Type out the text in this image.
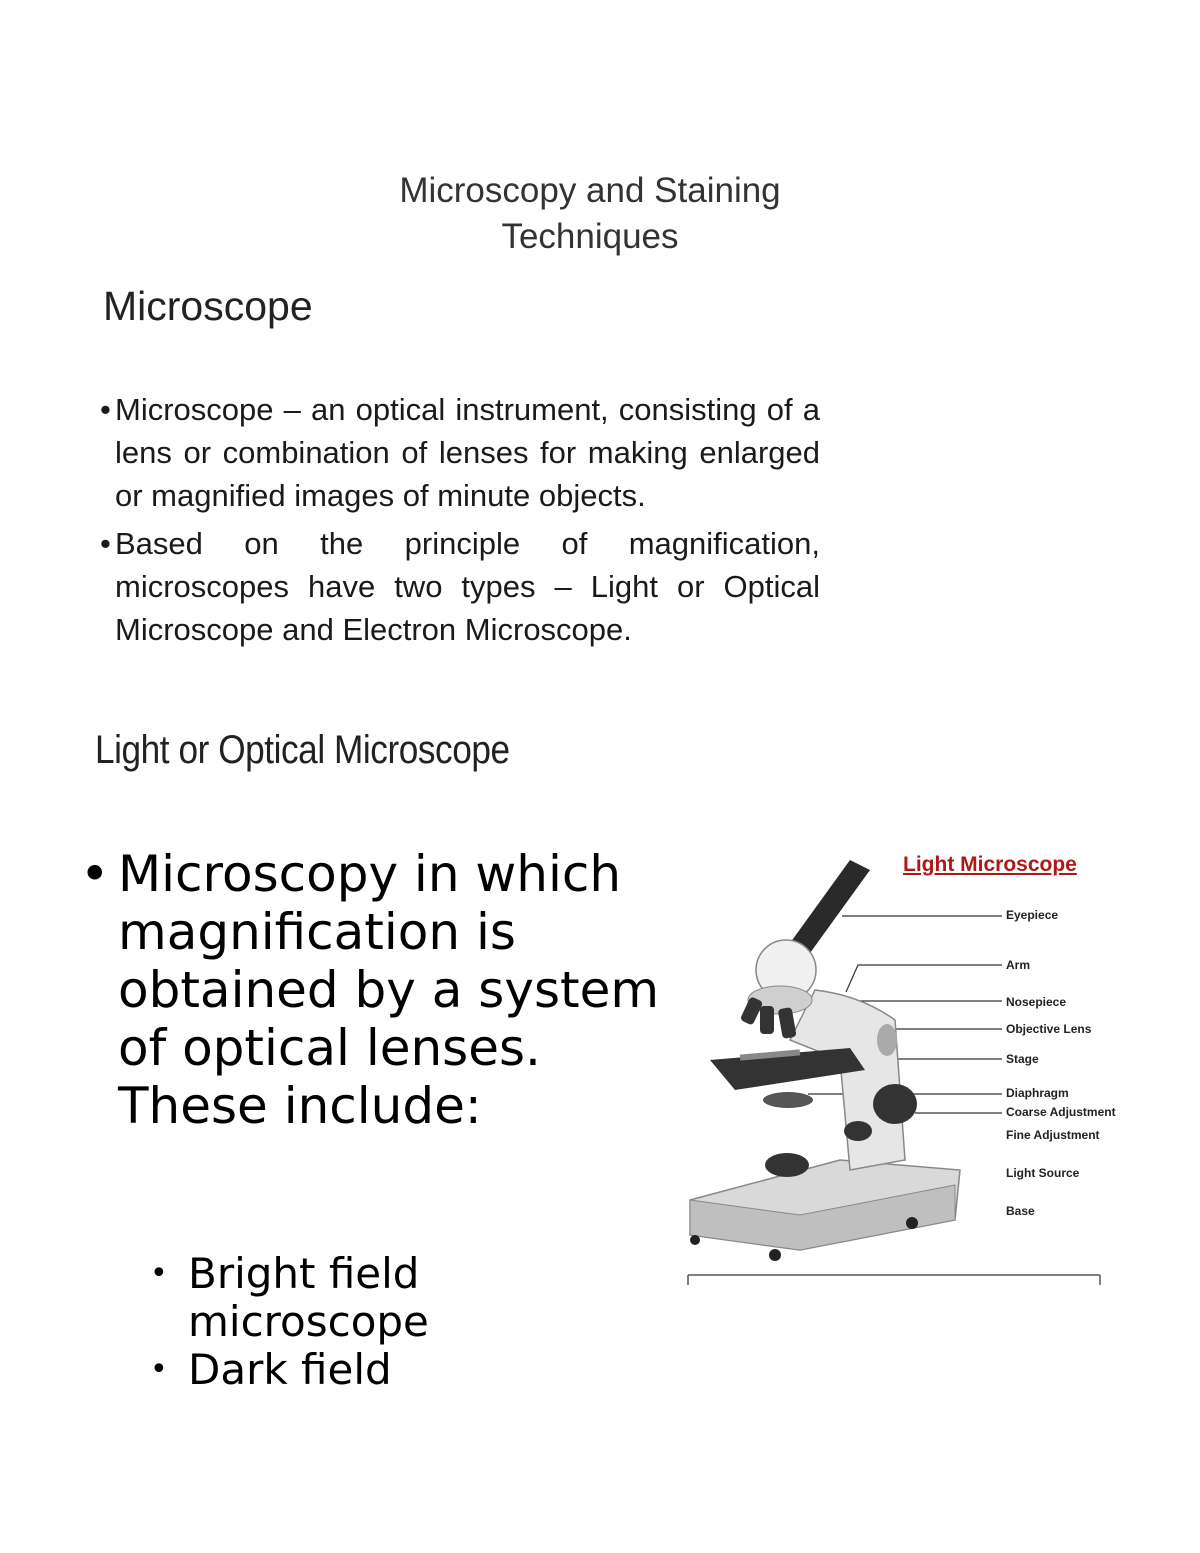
Microscopy and Staining
Techniques
Microscope
• Microscope – an optical instrument, consisting of a lens or combination of lenses for making enlarged or magnified images of minute objects.
• Based on the principle of magnification, microscopes have two types – Light or Optical Microscope and Electron Microscope.
Light or Optical Microscope
• Microscopy in which magnification is obtained by a system of optical lenses. These include:
• Bright field microscope
• Dark field
Light Microscope
Eyepiece
Arm
Nosepiece
Objective Lens
Stage
Diaphragm
Coarse Adjustment
Fine Adjustment
Light Source
Base
